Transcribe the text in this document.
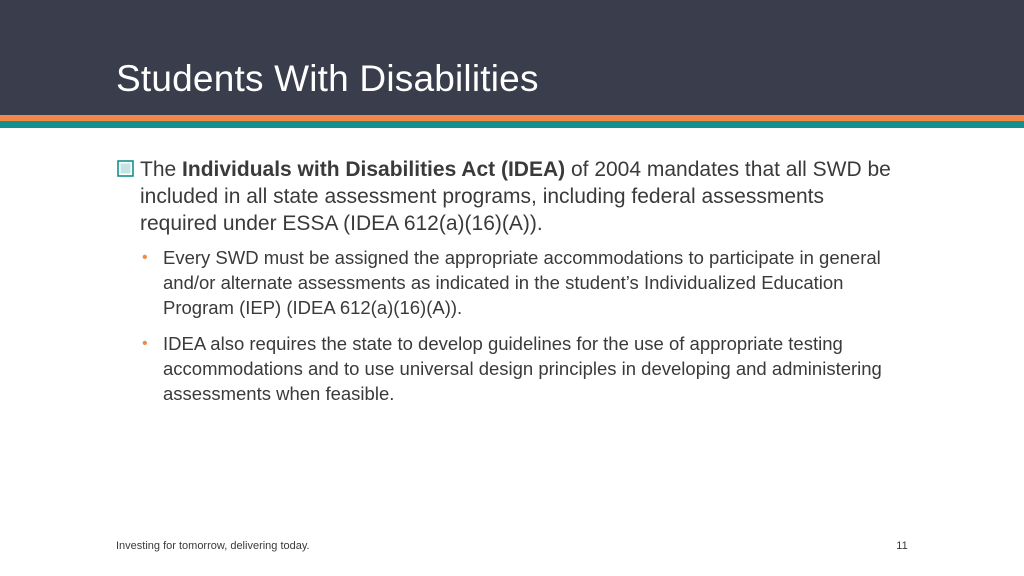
Students With Disabilities
The Individuals with Disabilities Act (IDEA) of 2004 mandates that all SWD be included in all state assessment programs, including federal assessments required under ESSA (IDEA 612(a)(16)(A)).
• Every SWD must be assigned the appropriate accommodations to participate in general and/or alternate assessments as indicated in the student’s Individualized Education Program (IEP) (IDEA 612(a)(16)(A)).
• IDEA also requires the state to develop guidelines for the use of appropriate testing accommodations and to use universal design principles in developing and administering assessments when feasible.
Investing for tomorrow, delivering today.	11
